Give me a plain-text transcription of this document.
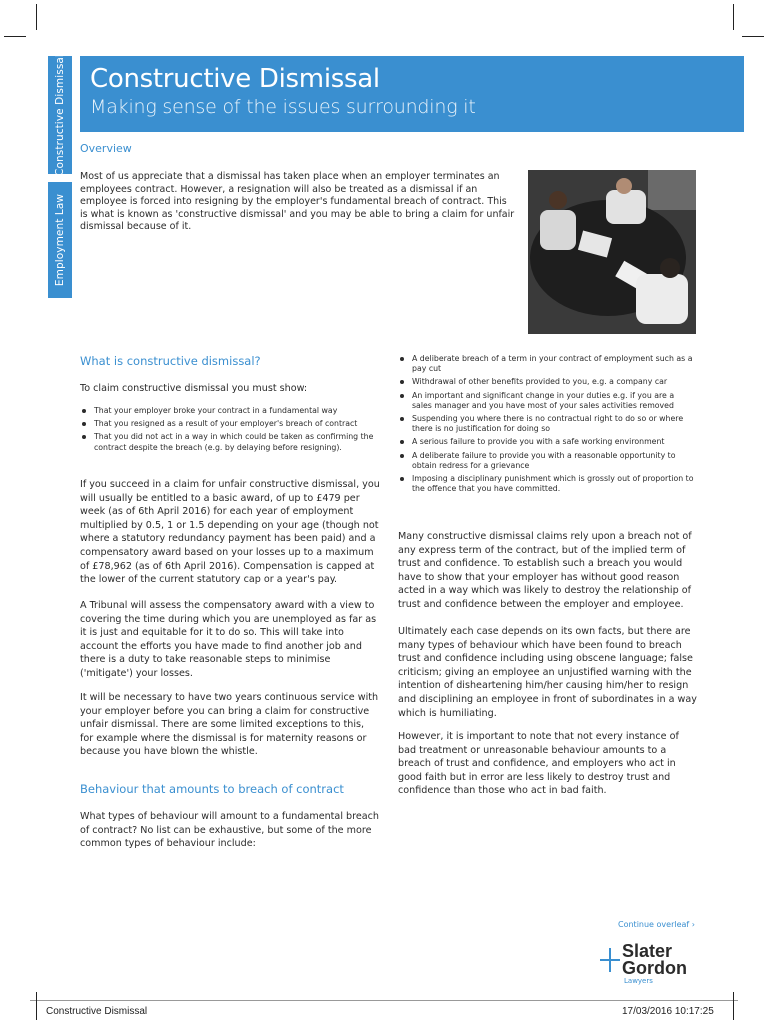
Constructive Dismissal
Employment Law
Constructive Dismissal
Making sense of the issues surrounding it
Overview

Most of us appreciate that a dismissal has taken place when an employer terminates an employees contract. However, a resignation will also be treated as a dismissal if an employee is forced into resigning by the employer's fundamental breach of contract. This is what is known as 'constructive dismissal' and you may be able to bring a claim for unfair dismissal because of it.

What is constructive dismissal?

To claim constructive dismissal you must show:

That your employer broke your contract in a fundamental way
That you resigned as a result of your employer's breach of contract
That you did not act in a way in which could be taken as confirming the contract despite the breach (e.g. by delaying before resigning).

If you succeed in a claim for unfair constructive dismissal, you will usually be entitled to a basic award, of up to £479 per week (as of 6th April 2016) for each year of employment multiplied by 0.5, 1 or 1.5 depending on your age (though not where a statutory redundancy payment has been paid) and a compensatory award based on your losses up to a maximum of £78,962 (as of 6th April 2016). Compensation is capped at the lower of the current statutory cap or a year's pay.

A Tribunal will assess the compensatory award with a view to covering the time during which you are unemployed as far as it is just and equitable for it to do so. This will take into account the efforts you have made to find another job and there is a duty to take reasonable steps to minimise ('mitigate') your losses.

It will be necessary to have two years continuous service with your employer before you can bring a claim for constructive unfair dismissal. There are some limited exceptions to this, for example where the dismissal is for maternity reasons or because you have blown the whistle.

Behaviour that amounts to breach of contract

What types of behaviour will amount to a fundamental breach of contract? No list can be exhaustive, but some of the more common types of behaviour include:

A deliberate breach of a term in your contract of employment such as a pay cut
Withdrawal of other benefits provided to you, e.g. a company car
An important and significant change in your duties e.g. if you are a sales manager and you have most of your sales activities removed
Suspending you where there is no contractual right to do so or where there is no justification for doing so
A serious failure to provide you with a safe working environment
A deliberate failure to provide you with a reasonable opportunity to obtain redress for a grievance
Imposing a disciplinary punishment which is grossly out of proportion to the offence that you have committed.

Many constructive dismissal claims rely upon a breach not of any express term of the contract, but of the implied term of trust and confidence. To establish such a breach you would have to show that your employer has without good reason acted in a way which was likely to destroy the relationship of trust and confidence between the employer and employee.

Ultimately each case depends on its own facts, but there are many types of behaviour which have been found to breach trust and confidence including using obscene language; false criticism; giving an employee an unjustified warning with the intention of disheartening him/her causing him/her to resign and disciplining an employee in front of subordinates in a way which is humiliating.

However, it is important to note that not every instance of bad treatment or unreasonable behaviour amounts to a breach of trust and confidence, and employers who act in good faith but in error are less likely to destroy trust and confidence than those who act in bad faith.

Continue overleaf ›
Slater
Gordon
Lawyers
Constructive Dismissal	17/03/2016 10:17:25
